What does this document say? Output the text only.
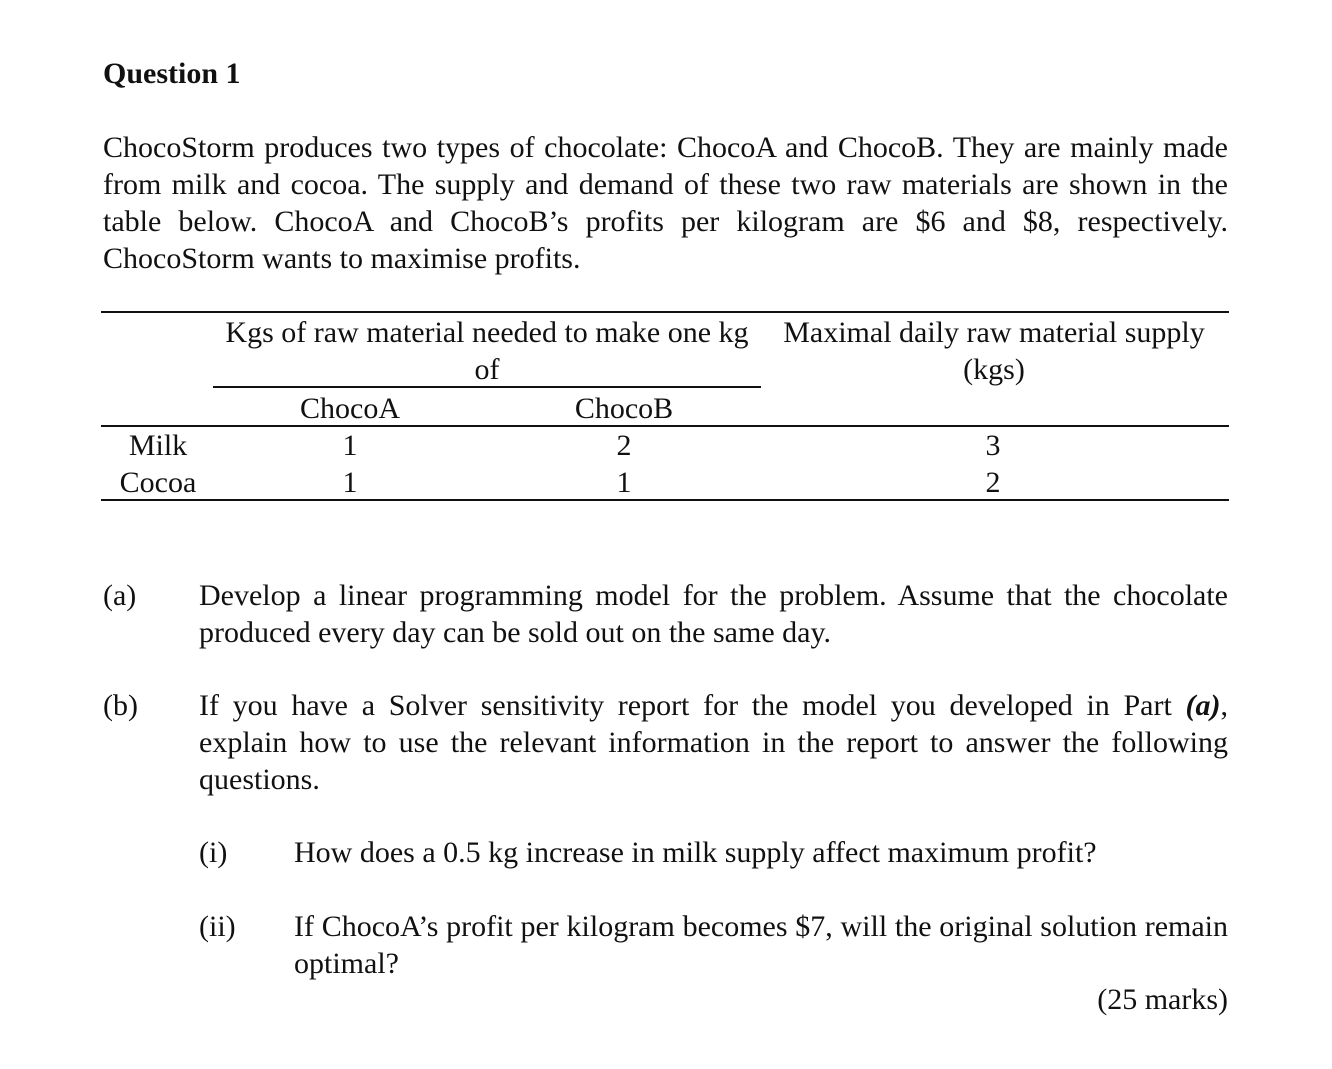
Question 1

ChocoStorm produces two types of chocolate: ChocoA and ChocoB. They are mainly made from milk and cocoa. The supply and demand of these two raw materials are shown in the table below. ChocoA and ChocoB’s profits per kilogram are $6 and $8, respectively. ChocoStorm wants to maximise profits.

Kgs of raw material needed to make one kg of
Maximal daily raw material supply (kgs)
ChocoA	ChocoB
Milk	1	2	3
Cocoa	1	1	2
(a) Develop a linear programming model for the problem. Assume that the chocolate produced every day can be sold out on the same day.
(b) If you have a Solver sensitivity report for the model you developed in Part (a), explain how to use the relevant information in the report to answer the following questions.
(i) How does a 0.5 kg increase in milk supply affect maximum profit?
(ii) If ChocoA’s profit per kilogram becomes $7, will the original solution remain optimal?
(25 marks)
